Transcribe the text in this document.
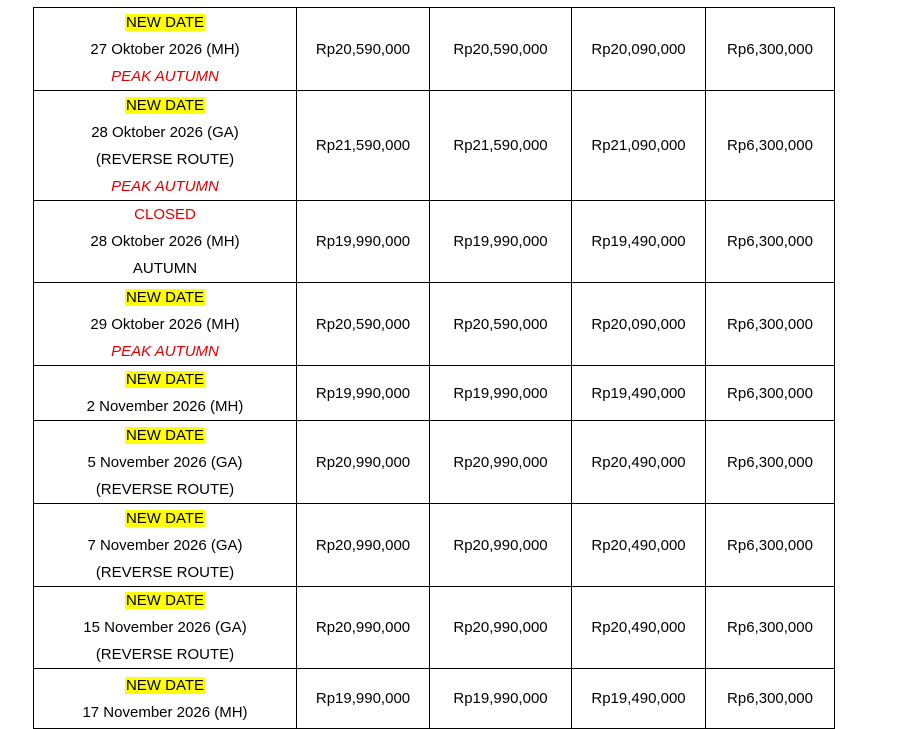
NEW DATE
27 Oktober 2026 (MH)
PEAK AUTUMN	Rp20,590,000	Rp20,590,000	Rp20,090,000	Rp6,300,000

NEW DATE
28 Oktober 2026 (GA)
(REVERSE ROUTE)
PEAK AUTUMN	Rp21,590,000	Rp21,590,000	Rp21,090,000	Rp6,300,000

CLOSED
28 Oktober 2026 (MH)
AUTUMN	Rp19,990,000	Rp19,990,000	Rp19,490,000	Rp6,300,000

NEW DATE
29 Oktober 2026 (MH)
PEAK AUTUMN	Rp20,590,000	Rp20,590,000	Rp20,090,000	Rp6,300,000

NEW DATE
2 November 2026 (MH)	Rp19,990,000	Rp19,990,000	Rp19,490,000	Rp6,300,000

NEW DATE
5 November 2026 (GA)
(REVERSE ROUTE)	Rp20,990,000	Rp20,990,000	Rp20,490,000	Rp6,300,000

NEW DATE
7 November 2026 (GA)
(REVERSE ROUTE)	Rp20,990,000	Rp20,990,000	Rp20,490,000	Rp6,300,000

NEW DATE
15 November 2026 (GA)
(REVERSE ROUTE)	Rp20,990,000	Rp20,990,000	Rp20,490,000	Rp6,300,000

NEW DATE
17 November 2026 (MH)	Rp19,990,000	Rp19,990,000	Rp19,490,000	Rp6,300,000
